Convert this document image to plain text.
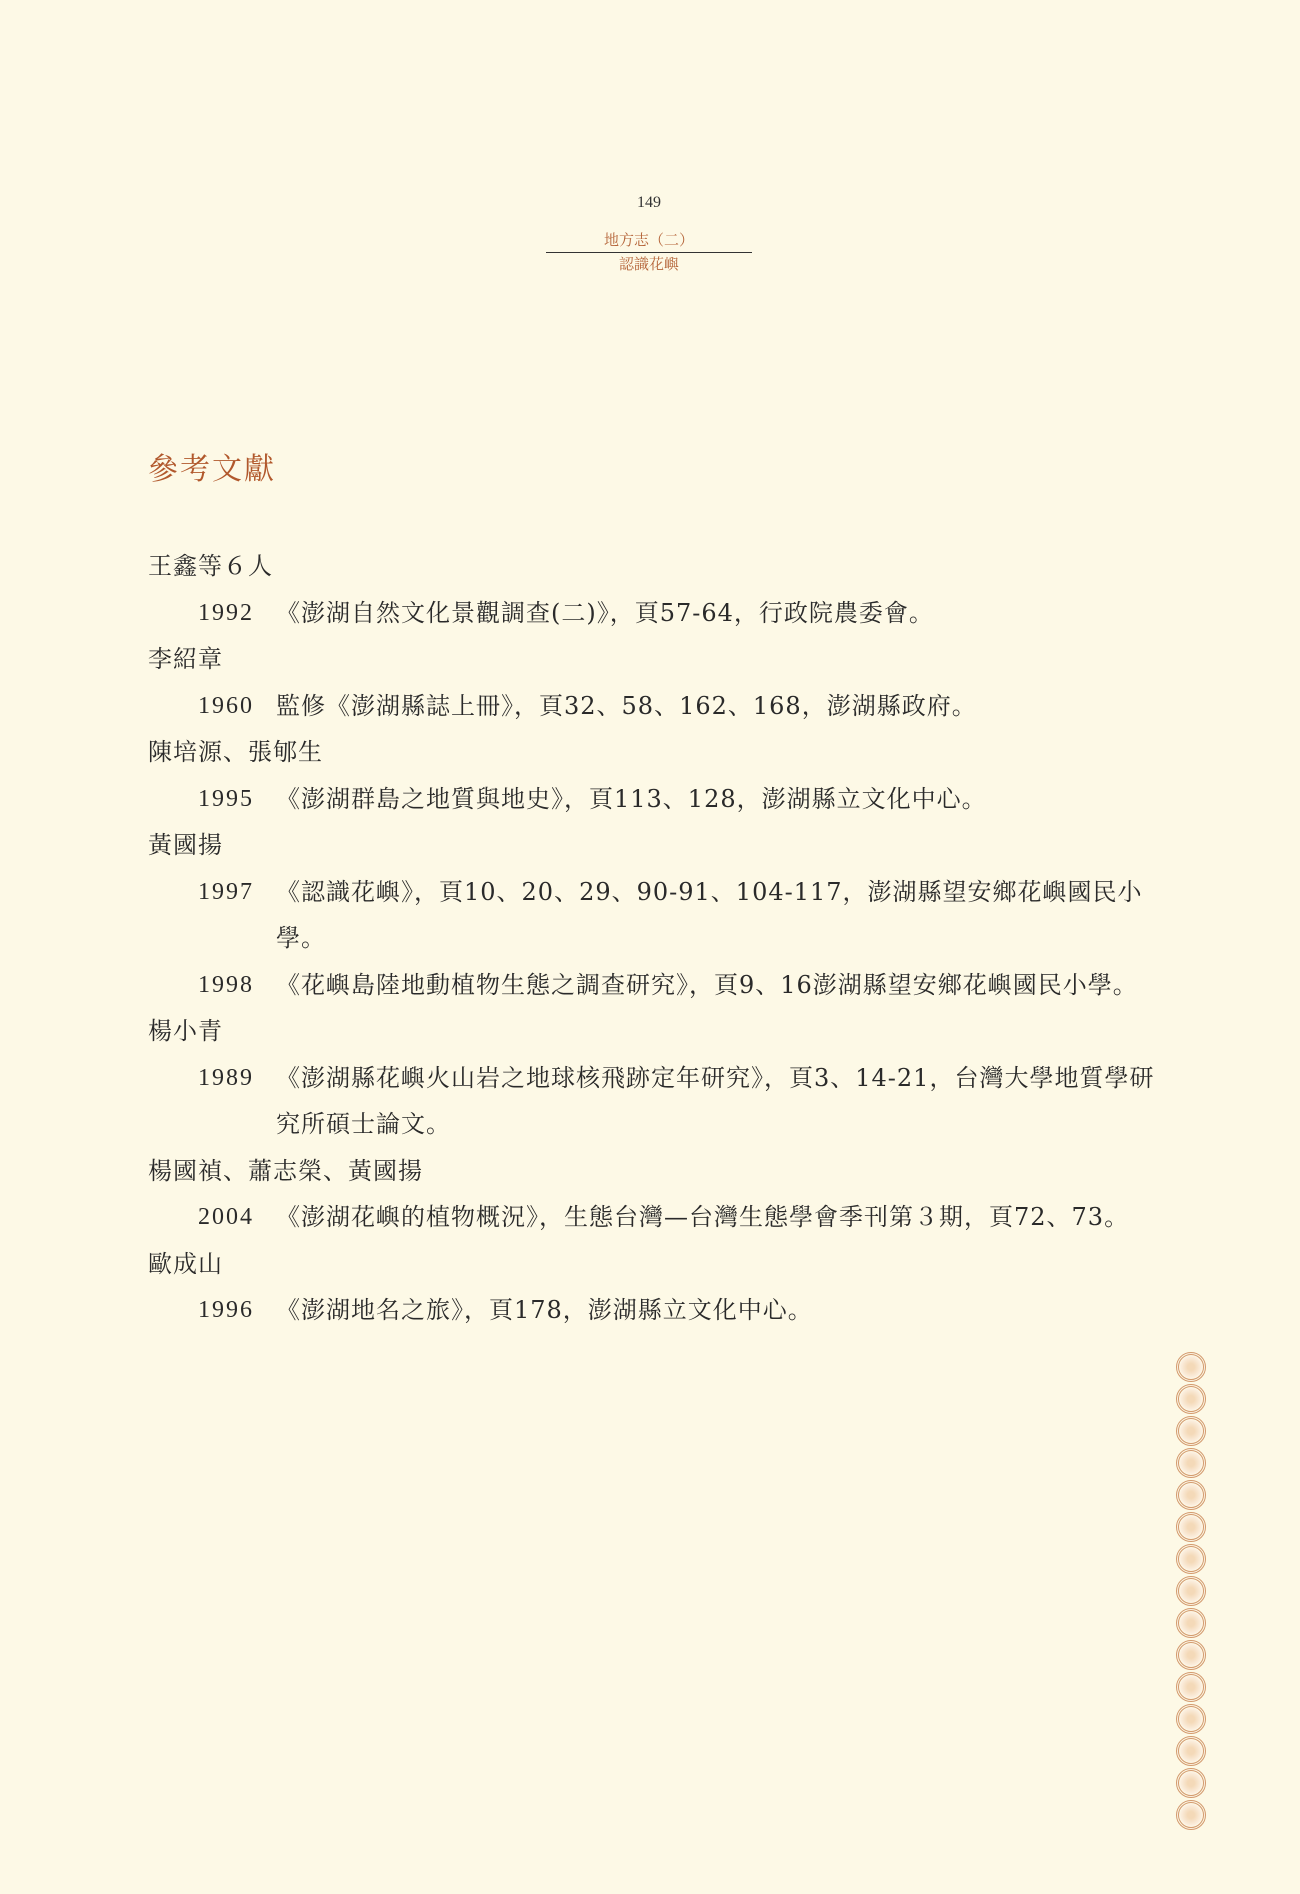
149
地方志（二）
認識花嶼
參考文獻
王鑫等６人
1992 《澎湖自然文化景觀調查(二)》，頁57-64，行政院農委會。
李紹章
1960 監修《澎湖縣誌上冊》，頁32、58、162、168，澎湖縣政府。
陳培源、張郇生
1995 《澎湖群島之地質與地史》，頁113、128，澎湖縣立文化中心。
黃國揚
1997 《認識花嶼》，頁10、20、29、90-91、104-117，澎湖縣望安鄉花嶼國民小學。
1998 《花嶼島陸地動植物生態之調查研究》，頁9、16澎湖縣望安鄉花嶼國民小學。
楊小青
1989 《澎湖縣花嶼火山岩之地球核飛跡定年研究》，頁3、14-21，台灣大學地質學研究所碩士論文。
楊國禎、蕭志榮、黃國揚
2004 《澎湖花嶼的植物概況》，生態台灣—台灣生態學會季刊第３期，頁72、73。
歐成山
1996 《澎湖地名之旅》，頁178，澎湖縣立文化中心。
